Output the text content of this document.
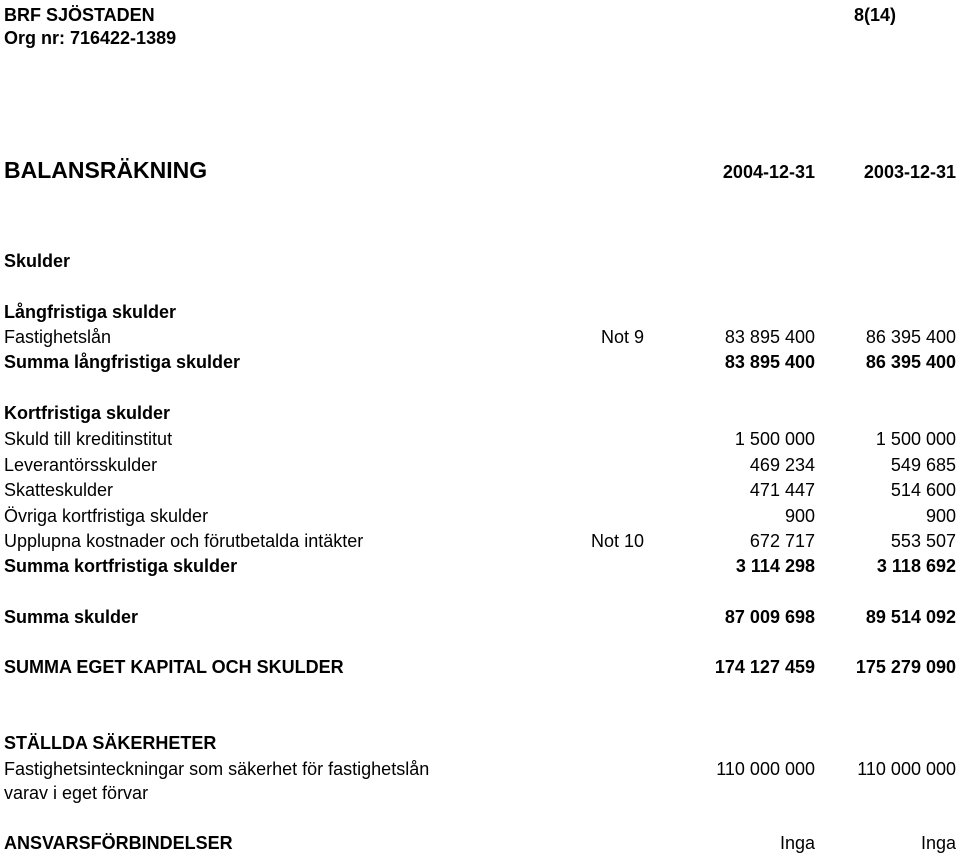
BRF SJÖSTADEN
Org nr: 716422-1389
8(14)
BALANSRÄKNING	2004-12-31	2003-12-31
Skulder
Långfristiga skulder
Fastighetslån	Not 9	83 895 400	86 395 400
Summa långfristiga skulder	83 895 400	86 395 400
Kortfristiga skulder
Skuld till kreditinstitut	1 500 000	1 500 000
Leverantörsskulder	469 234	549 685
Skatteskulder	471 447	514 600
Övriga kortfristiga skulder	900	900
Upplupna kostnader och förutbetalda intäkter	Not 10	672 717	553 507
Summa kortfristiga skulder	3 114 298	3 118 692
Summa skulder	87 009 698	89 514 092
SUMMA EGET KAPITAL OCH SKULDER	174 127 459	175 279 090
STÄLLDA SÄKERHETER
Fastighetsinteckningar som säkerhet för fastighetslån	110 000 000	110 000 000
varav i eget förvar
ANSVARSFÖRBINDELSER	Inga	Inga
